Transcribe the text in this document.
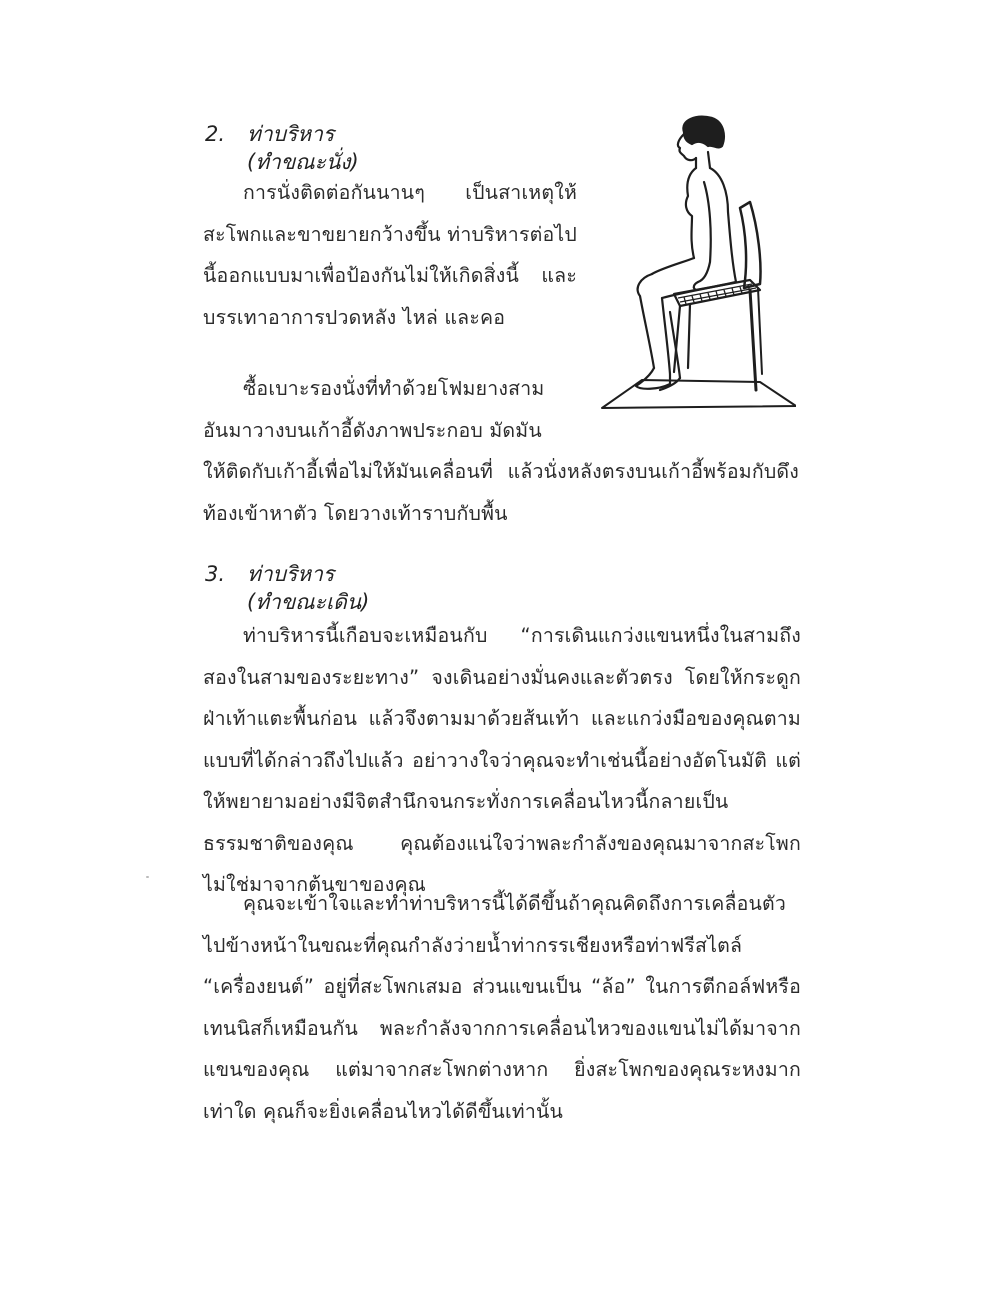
2. ท่าบริหาร
(ทำขณะนั่ง)

การนั่งติดต่อกันนานๆ เป็นสาเหตุให้สะโพกและขาขยายกว้างขึ้น ท่าบริหารต่อไปนี้ออกแบบมาเพื่อป้องกันไม่ให้เกิดสิ่งนี้ และบรรเทาอาการปวดหลัง ไหล่ และคอ

ซื้อเบาะรองนั่งที่ทำด้วยโฟมยางสาม
อันมาวางบนเก้าอี้ดังภาพประกอบ มัดมัน

ให้ติดกับเก้าอี้เพื่อไม่ให้มันเคลื่อนที่ แล้วนั่งหลังตรงบนเก้าอี้พร้อมกับดึงท้องเข้าหาตัว โดยวางเท้าราบกับพื้น

3. ท่าบริหาร
(ทำขณะเดิน)

ท่าบริหารนี้เกือบจะเหมือนกับ “การเดินแกว่งแขนหนึ่งในสามถึงสองในสามของระยะทาง” จงเดินอย่างมั่นคงและตัวตรง โดยให้กระดูกฝ่าเท้าแตะพื้นก่อน แล้วจึงตามมาด้วยส้นเท้า และแกว่งมือของคุณตามแบบที่ได้กล่าวถึงไปแล้ว อย่าวางใจว่าคุณจะทำเช่นนี้อย่างอัตโนมัติ แต่ให้พยายามอย่างมีจิตสำนึกจนกระทั่งการเคลื่อนไหวนี้กลายเป็นธรรมชาติของคุณ คุณต้องแน่ใจว่าพละกำลังของคุณมาจากสะโพก ไม่ใช่มาจากต้นขาของคุณ

คุณจะเข้าใจและทำท่าบริหารนี้ได้ดีขึ้นถ้าคุณคิดถึงการเคลื่อนตัวไปข้างหน้าในขณะที่คุณกำลังว่ายน้ำท่ากรรเชียงหรือท่าฟรีสไตล์ “เครื่องยนต์” อยู่ที่สะโพกเสมอ ส่วนแขนเป็น “ล้อ” ในการตีกอล์ฟหรือเทนนิสก็เหมือนกัน พละกำลังจากการเคลื่อนไหวของแขนไม่ได้มาจากแขนของคุณ แต่มาจากสะโพกต่างหาก ยิ่งสะโพกของคุณระหงมากเท่าใด คุณก็จะยิ่งเคลื่อนไหวได้ดีขึ้นเท่านั้น
